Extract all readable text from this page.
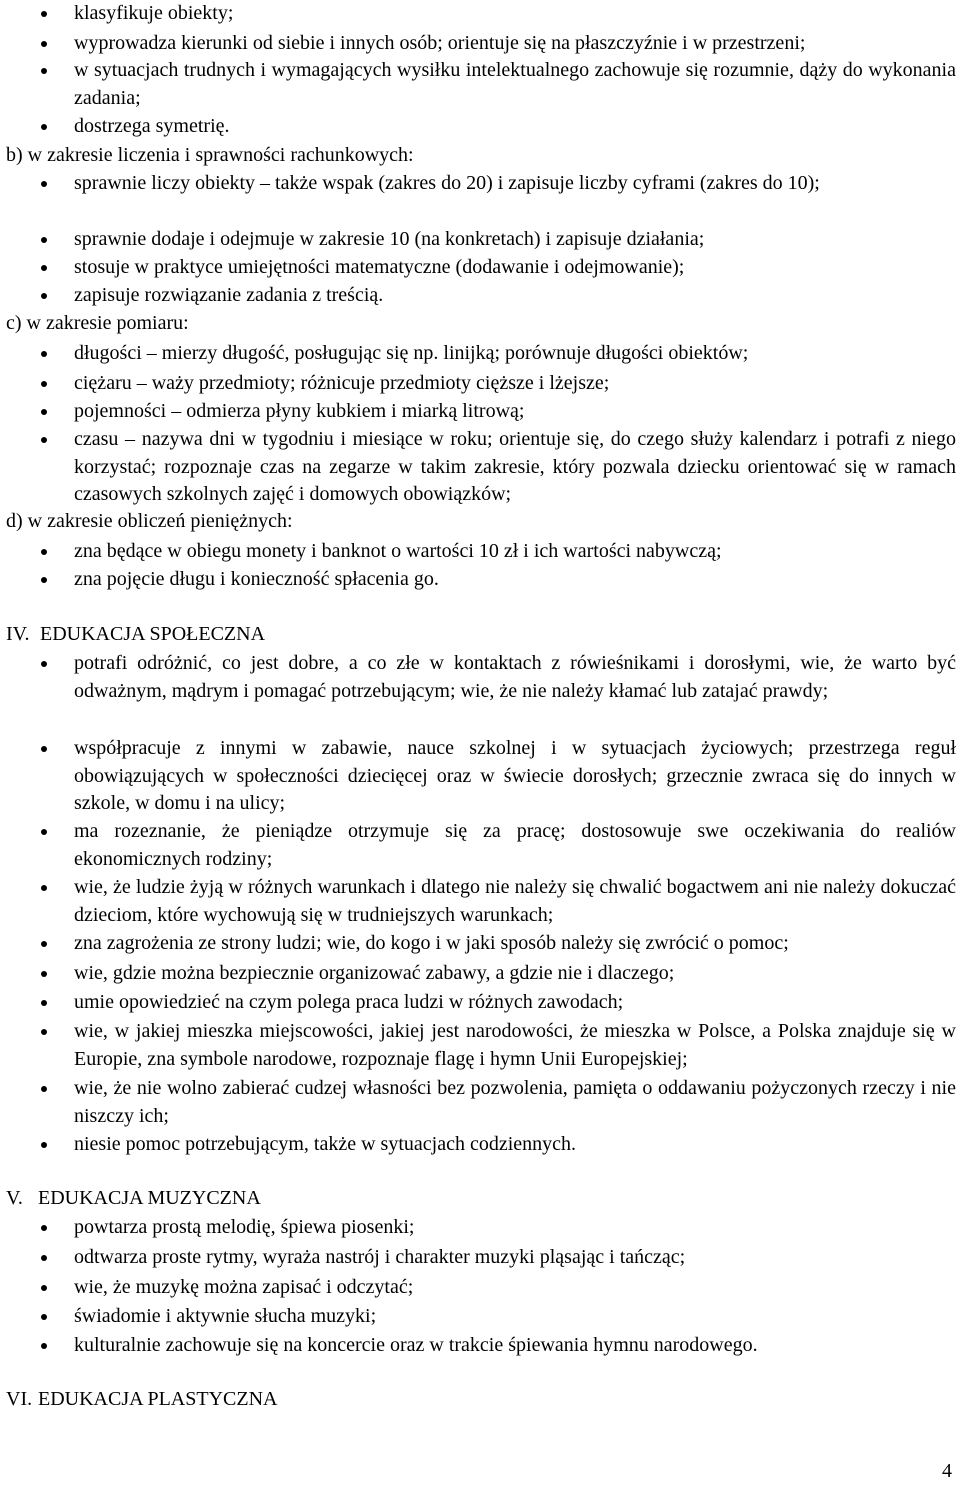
klasyfikuje obiekty;

wyprowadza kierunki od siebie i innych osób; orientuje się na płaszczyźnie i w przestrzeni;

w sytuacjach trudnych i wymagających wysiłku intelektualnego zachowuje się rozumnie, dąży do wykonania zadania;

dostrzega symetrię.

b) w zakresie liczenia i sprawności rachunkowych:

sprawnie liczy obiekty – także wspak (zakres do 20) i zapisuje liczby cyframi (zakres do 10);

sprawnie dodaje i odejmuje w zakresie 10 (na konkretach) i zapisuje działania;

stosuje w praktyce umiejętności matematyczne (dodawanie i odejmowanie);

zapisuje rozwiązanie zadania z treścią.

c) w zakresie pomiaru:

długości – mierzy długość, posługując się np. linijką; porównuje długości obiektów;

ciężaru – waży przedmioty; różnicuje przedmioty cięższe i lżejsze;

pojemności – odmierza płyny kubkiem i miarką litrową;

czasu – nazywa dni w tygodniu i miesiące w roku; orientuje się, do czego służy kalendarz i potrafi z niego korzystać; rozpoznaje czas na zegarze w takim zakresie, który pozwala dziecku orientować się w ramach czasowych szkolnych zajęć i domowych obowiązków;

d) w zakresie obliczeń pieniężnych:

zna będące w obiegu monety i banknot o wartości 10 zł i ich wartości nabywczą;

zna pojęcie długu i konieczność spłacenia go.

IV. EDUKACJA SPOŁECZNA

potrafi odróżnić, co jest dobre, a co złe w kontaktach z rówieśnikami i dorosłymi, wie, że warto być odważnym, mądrym i pomagać potrzebującym; wie, że nie należy kłamać lub zatajać prawdy;

współpracuje z innymi w zabawie, nauce szkolnej i w sytuacjach życiowych; przestrzega reguł obowiązujących w społeczności dziecięcej oraz w świecie dorosłych; grzecznie zwraca się do innych w szkole, w domu i na ulicy;

ma rozeznanie, że pieniądze otrzymuje się za pracę; dostosowuje swe oczekiwania do realiów ekonomicznych rodziny;

wie, że ludzie żyją w różnych warunkach i dlatego nie należy się chwalić bogactwem ani nie należy dokuczać dzieciom, które wychowują się w trudniejszych warunkach;

zna zagrożenia ze strony ludzi; wie, do kogo i w jaki sposób należy się zwrócić o pomoc;

wie, gdzie można bezpiecznie organizować zabawy, a gdzie nie i dlaczego;

umie opowiedzieć na czym polega praca ludzi w różnych zawodach;

wie, w jakiej mieszka miejscowości, jakiej jest narodowości, że mieszka w Polsce, a Polska znajduje się w Europie, zna symbole narodowe, rozpoznaje flagę i hymn Unii Europejskiej;

wie, że nie wolno zabierać cudzej własności bez pozwolenia, pamięta o oddawaniu pożyczonych rzeczy i nie niszczy ich;

niesie pomoc potrzebującym, także w sytuacjach codziennych.

V. EDUKACJA MUZYCZNA

powtarza prostą melodię, śpiewa piosenki;

odtwarza proste rytmy, wyraża nastrój i charakter muzyki pląsając i tańcząc;

wie, że muzykę można zapisać i odczytać;

świadomie i aktywnie słucha muzyki;

kulturalnie zachowuje się na koncercie oraz w trakcie śpiewania hymnu narodowego.

VI. EDUKACJA PLASTYCZNA

4
